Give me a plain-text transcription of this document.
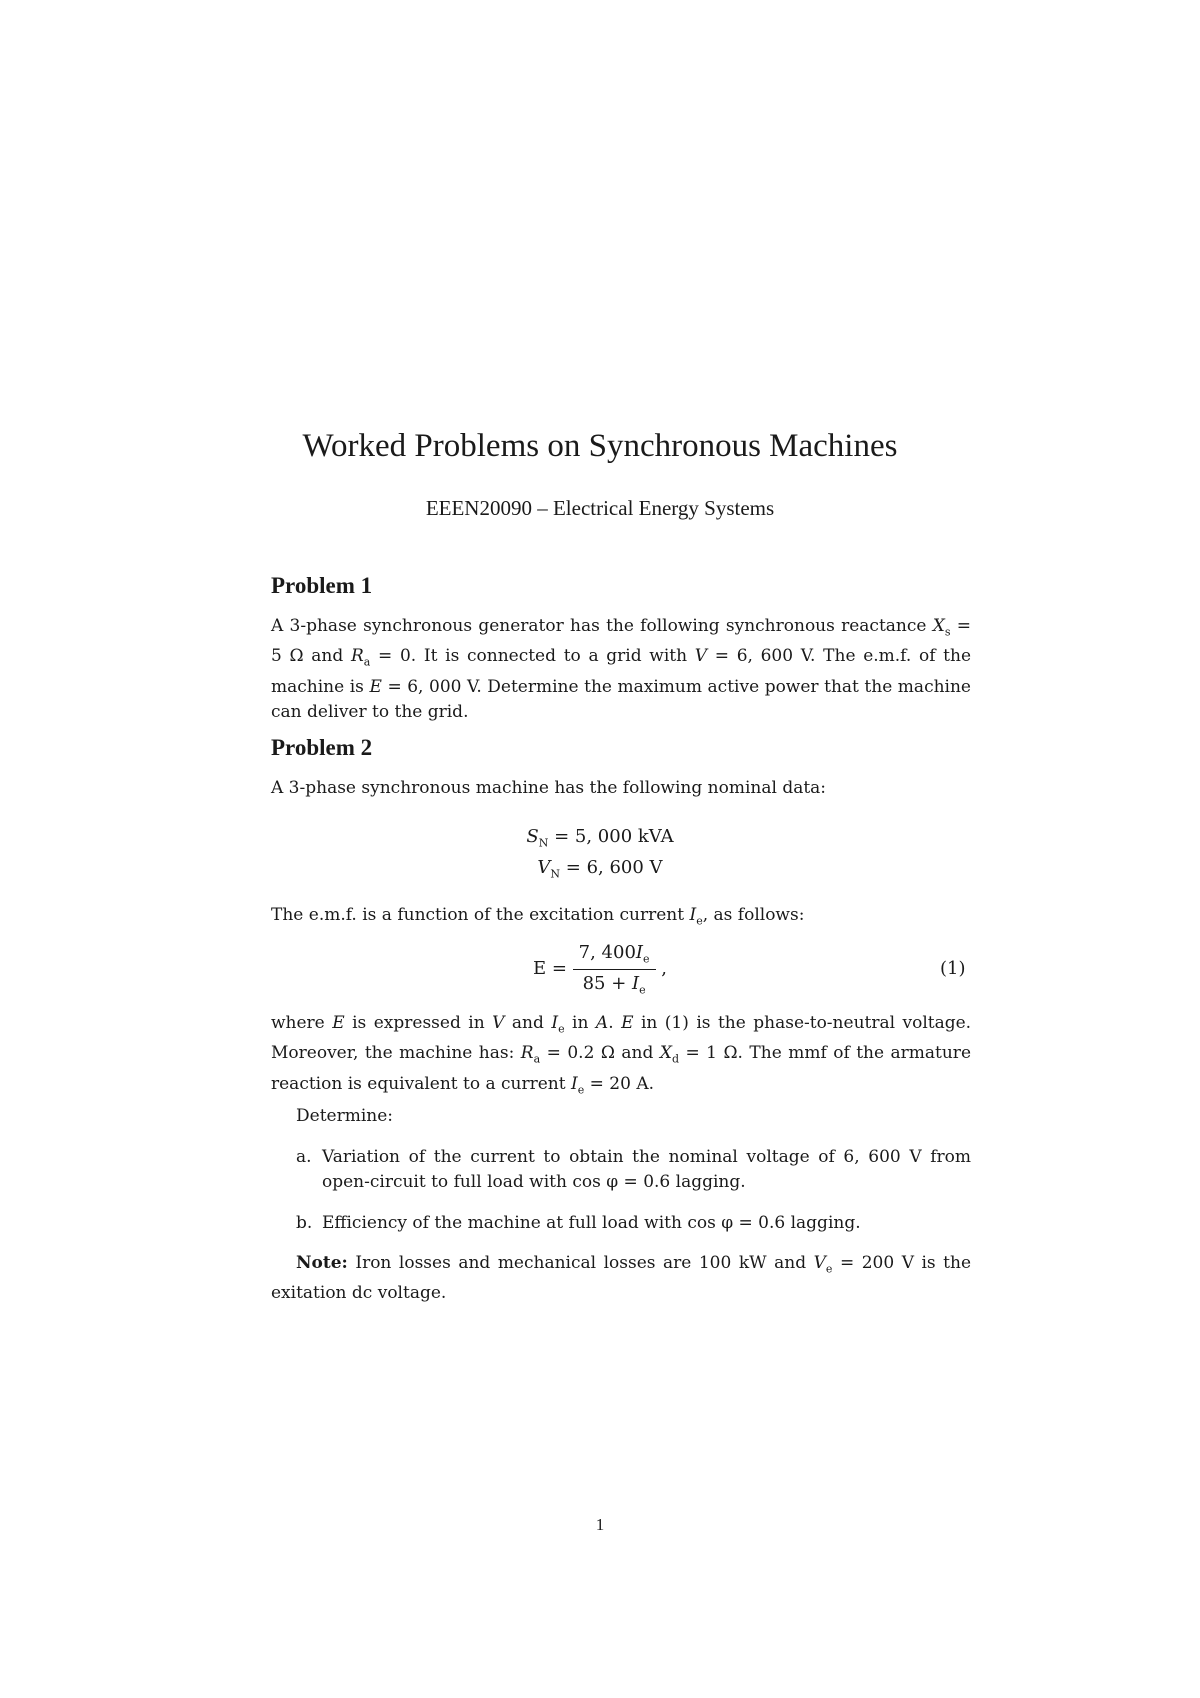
Worked Problems on Synchronous Machines
EEEN20090 – Electrical Energy Systems
Problem 1
A 3-phase synchronous generator has the following synchronous reactance $X_s = 5$ Ω and $R_a = 0$. It is connected to a grid with V = 6, 600 V. The e.m.f. of the machine is E = 6, 000 V. Determine the maximum active power that the machine can deliver to the grid.
Problem 2
A 3-phase synchronous machine has the following nominal data:
$S_N = 5$, 000 kVA
$V_N = 6$, 600 V
The e.m.f. is a function of the excitation current $I_e$, as follows:
$E = \frac{7, 400I_e}{85 + I_e}$ ,	(1)
where E is expressed in V and $I_e$ in A. E in (1) is the phase-to-neutral voltage. Moreover, the machine has: $R_a = 0.2$ Ω and $X_d = 1$ Ω. The mmf of the armature reaction is equivalent to a current $I_e = 20$ A.
Determine:
a. Variation of the current to obtain the nominal voltage of 6, 600 V from open-circuit to full load with cos φ = 0.6 lagging.
b. Efficiency of the machine at full load with cos φ = 0.6 lagging.
Note: Iron losses and mechanical losses are 100 kW and $V_e = 200$ V is the exitation dc voltage.
1
